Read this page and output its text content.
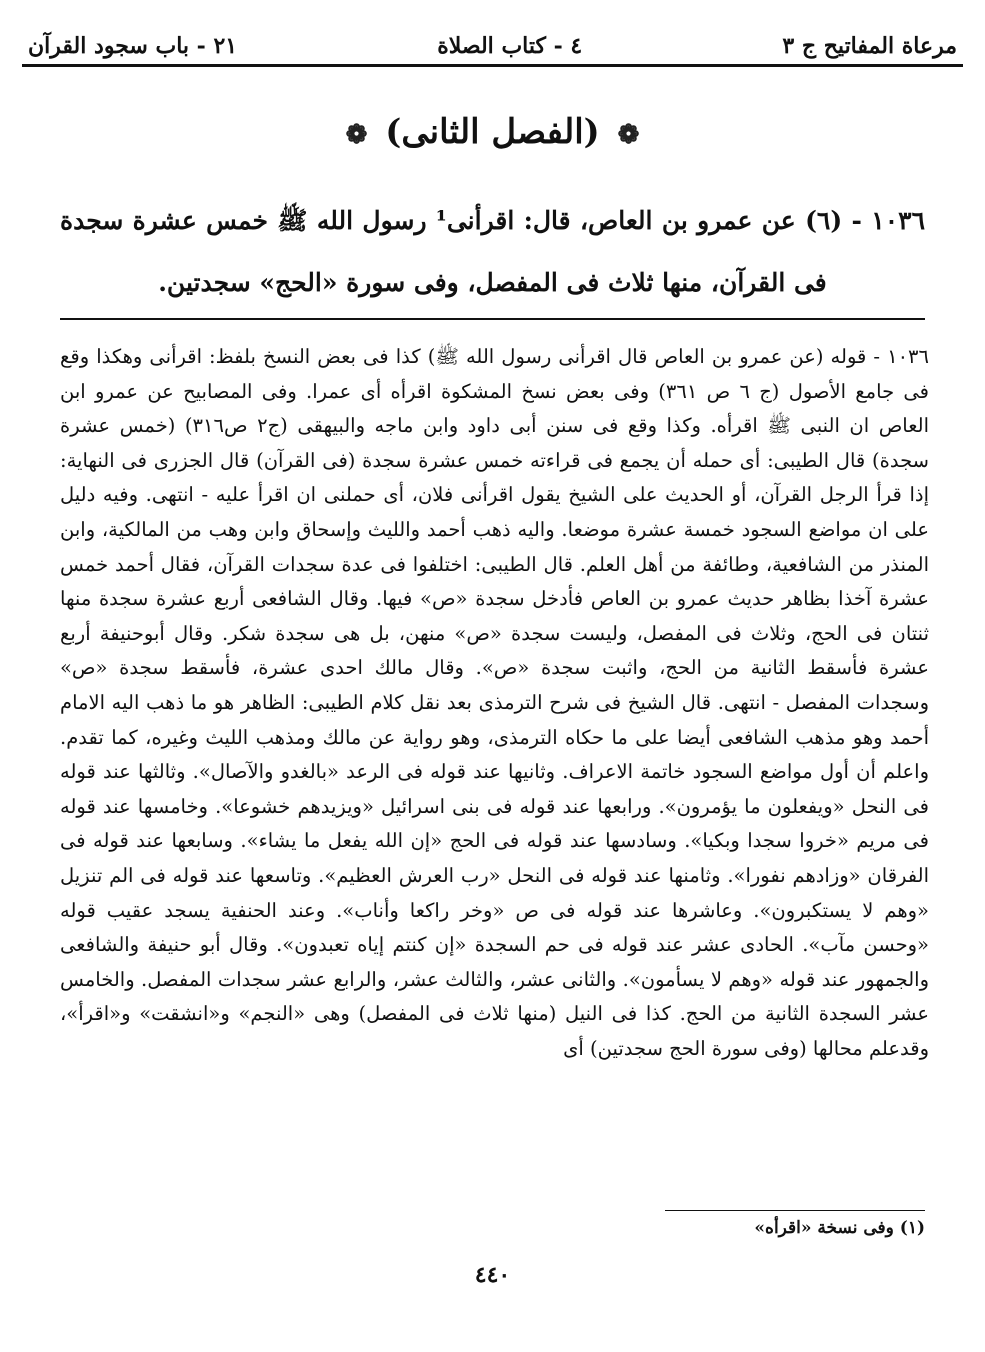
مرعاة المفاتيح ج ٣
٤ - كتاب الصلاة
٢١ - باب سجود القرآن
❁ (الفصل الثانى) ❁
١٠٣٦ - (٦) عن عمرو بن العاص، قال: اقرأنى¹ رسول الله ﷺ خمس عشرة سجدة فى القرآن، منها ثلاث فى المفصل، وفى سورة «الحج» سجدتين.

١٠٣٦ - قوله (عن عمرو بن العاص قال اقرأنى رسول الله ﷺ) كذا فى بعض النسخ بلفظ: اقرأنى وهكذا وقع فى جامع الأصول (ج ٦ ص ٣٦١) وفى بعض نسخ المشكوة اقرأه أى عمرا. وفى المصابيح عن عمرو ابن العاص ان النبى ﷺ اقرأه. وكذا وقع فى سنن أبى داود وابن ماجه والبيهقى (ج٢ ص٣١٦) (خمس عشرة سجدة) قال الطيبى: أى حمله أن يجمع فى قراءته خمس عشرة سجدة (فى القرآن) قال الجزرى فى النهاية: إذا قرأ الرجل القرآن، أو الحديث على الشيخ يقول اقرأنى فلان، أى حملنى ان اقرأ عليه - انتهى. وفيه دليل على ان مواضع السجود خمسة عشرة موضعا. واليه ذهب أحمد والليث وإسحاق وابن وهب من المالكية، وابن المنذر من الشافعية، وطائفة من أهل العلم. قال الطيبى: اختلفوا فى عدة سجدات القرآن، فقال أحمد خمس عشرة آخذا بظاهر حديث عمرو بن العاص فأدخل سجدة «ص» فيها. وقال الشافعى أربع عشرة سجدة منها ثنتان فى الحج، وثلاث فى المفصل، وليست سجدة «ص» منهن، بل هى سجدة شكر. وقال أبوحنيفة أربع عشرة فأسقط الثانية من الحج، واثبت سجدة «ص». وقال مالك احدى عشرة، فأسقط سجدة «ص» وسجدات المفصل - انتهى. قال الشيخ فى شرح الترمذى بعد نقل كلام الطيبى: الظاهر هو ما ذهب اليه الامام أحمد وهو مذهب الشافعى أيضا على ما حكاه الترمذى، وهو رواية عن مالك ومذهب الليث وغيره، كما تقدم. واعلم أن أول مواضع السجود خاتمة الاعراف. وثانيها عند قوله فى الرعد «بالغدو والآصال». وثالثها عند قوله فى النحل «ويفعلون ما يؤمرون». ورابعها عند قوله فى بنى اسرائيل «ويزيدهم خشوعا». وخامسها عند قوله فى مريم «خروا سجدا وبكيا». وسادسها عند قوله فى الحج «إن الله يفعل ما يشاء». وسابعها عند قوله فى الفرقان «وزادهم نفورا». وثامنها عند قوله فى النحل «رب العرش العظيم». وتاسعها عند قوله فى الم تنزيل «وهم لا يستكبرون». وعاشرها عند قوله فى ص «وخر راكعا وأناب». وعند الحنفية يسجد عقيب قوله «وحسن مآب». الحادى عشر عند قوله فى حم السجدة «إن كنتم إياه تعبدون». وقال أبو حنيفة والشافعى والجمهور عند قوله «وهم لا يسأمون». والثانى عشر، والثالث عشر، والرابع عشر سجدات المفصل. والخامس عشر السجدة الثانية من الحج. كذا فى النيل (منها ثلاث فى المفصل) وهى «النجم» و«انشقت» و«اقرأ»، وقدعلم محالها (وفى سورة الحج سجدتين) أى

(١) وفى نسخة «اقرأه»
٤٤٠
